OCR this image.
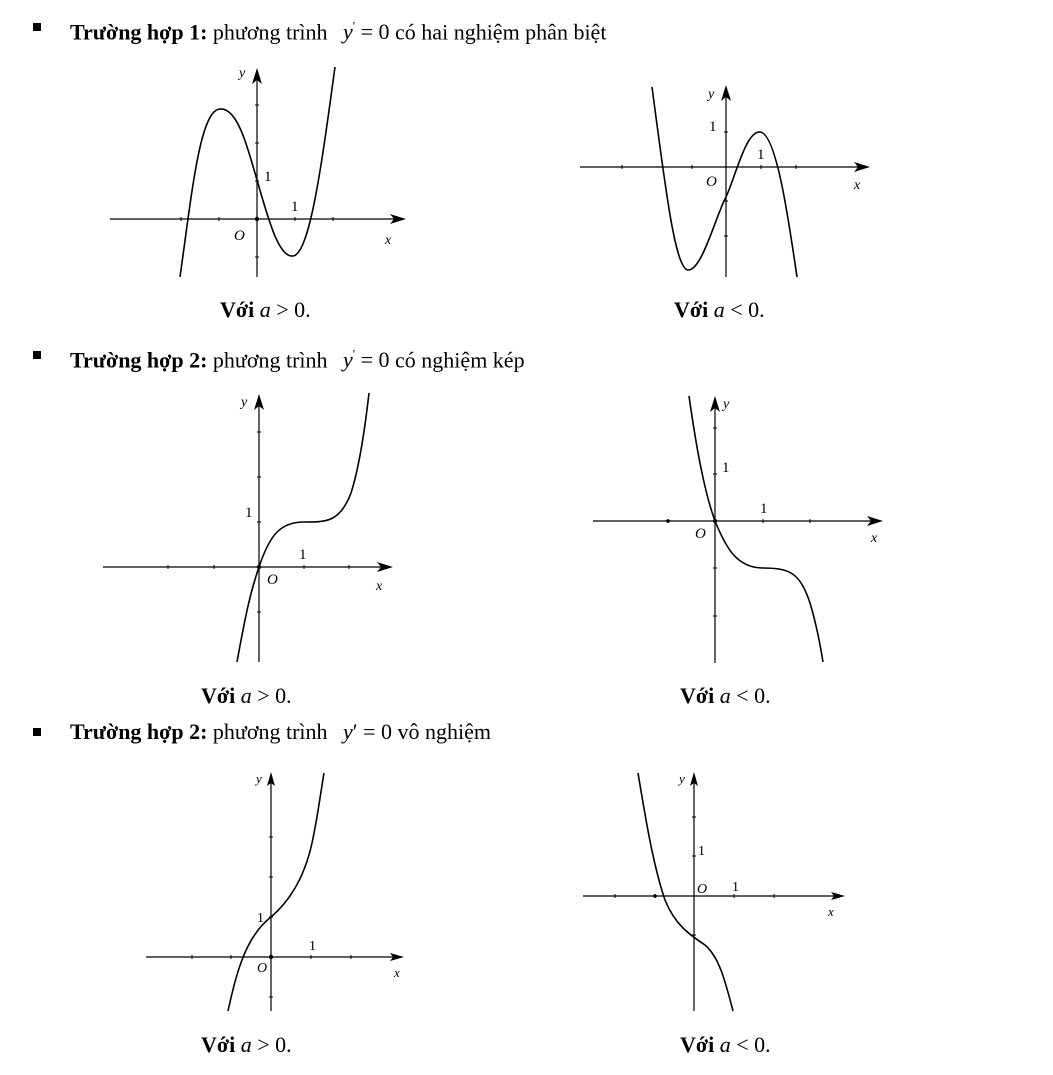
Trường hợp 1: phương trình y' = 0 có hai nghiệm phân biệt
y
x
O
1
1
Với a > 0.
y
x
O
1
1
Với a < 0.
Trường hợp 2: phương trình y' = 0 có nghiệm kép
y
x
O
1
1
Với a > 0.
y
x
O
1
1
Với a < 0.
Trường hợp 2: phương trình y′ = 0 vô nghiệm
y
x
O
1
1
Với a > 0.
y
x
O 1
1
Với a < 0.
